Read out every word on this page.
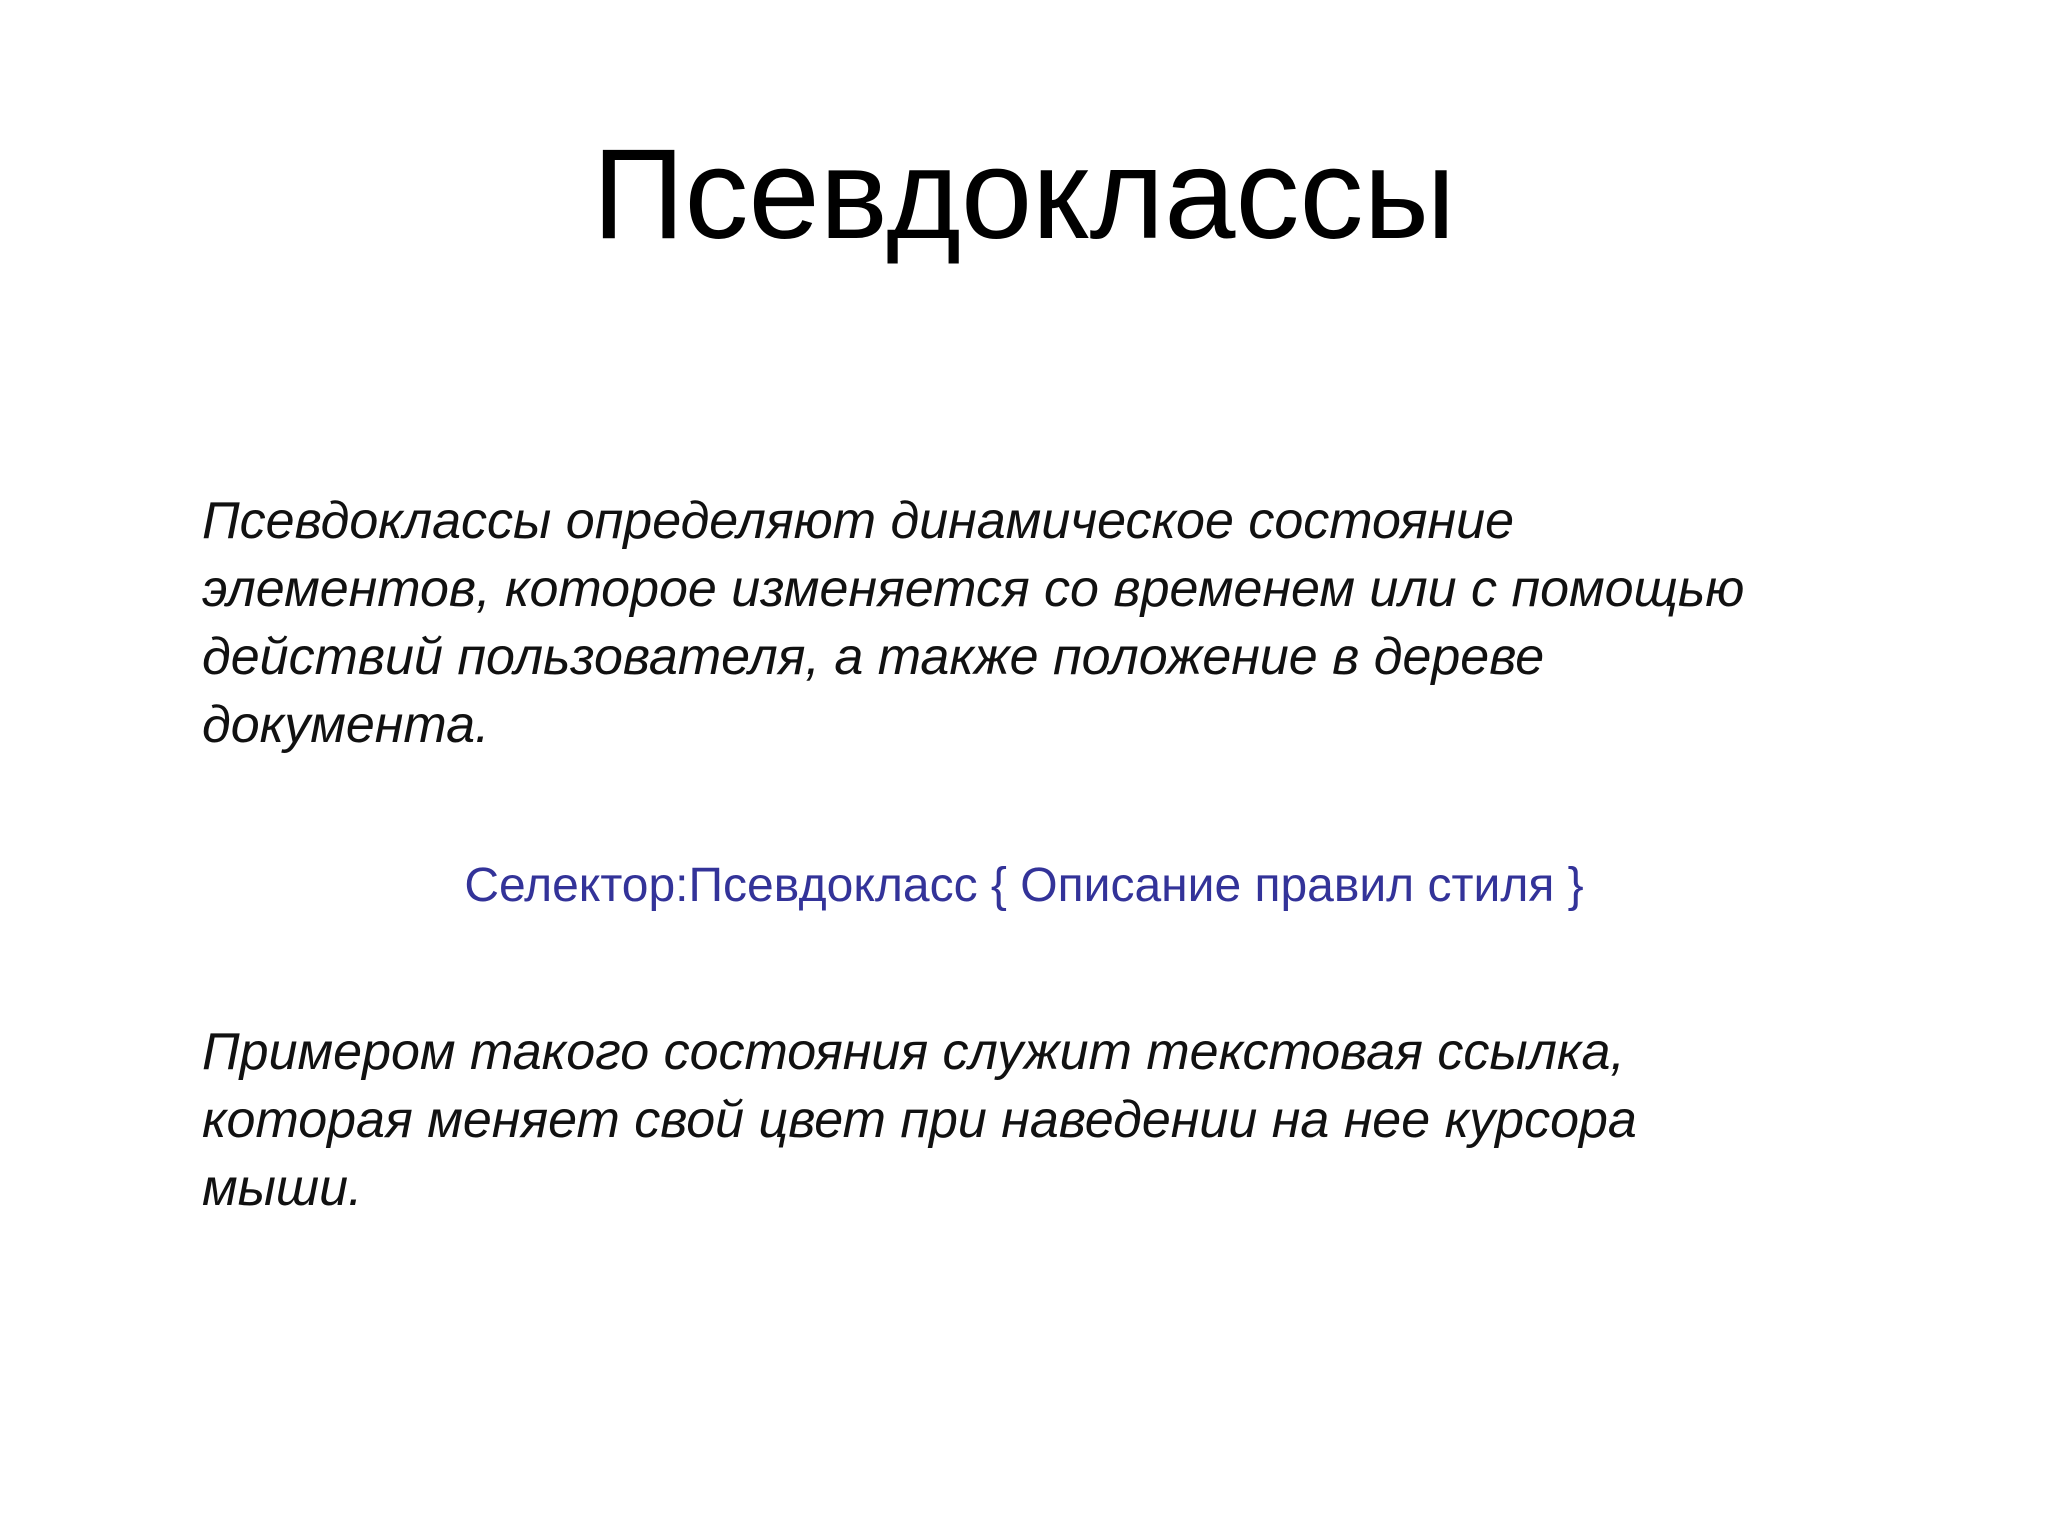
Псевдоклассы

Псевдоклассы определяют динамическое состояние
элементов, которое изменяется со временем или с помощью
действий пользователя, а также положение в дереве
документа.

Селектор:Псевдокласс { Описание правил стиля }

Примером такого состояния служит текстовая ссылка,
которая меняет свой цвет при наведении на нее курсора
мыши.
